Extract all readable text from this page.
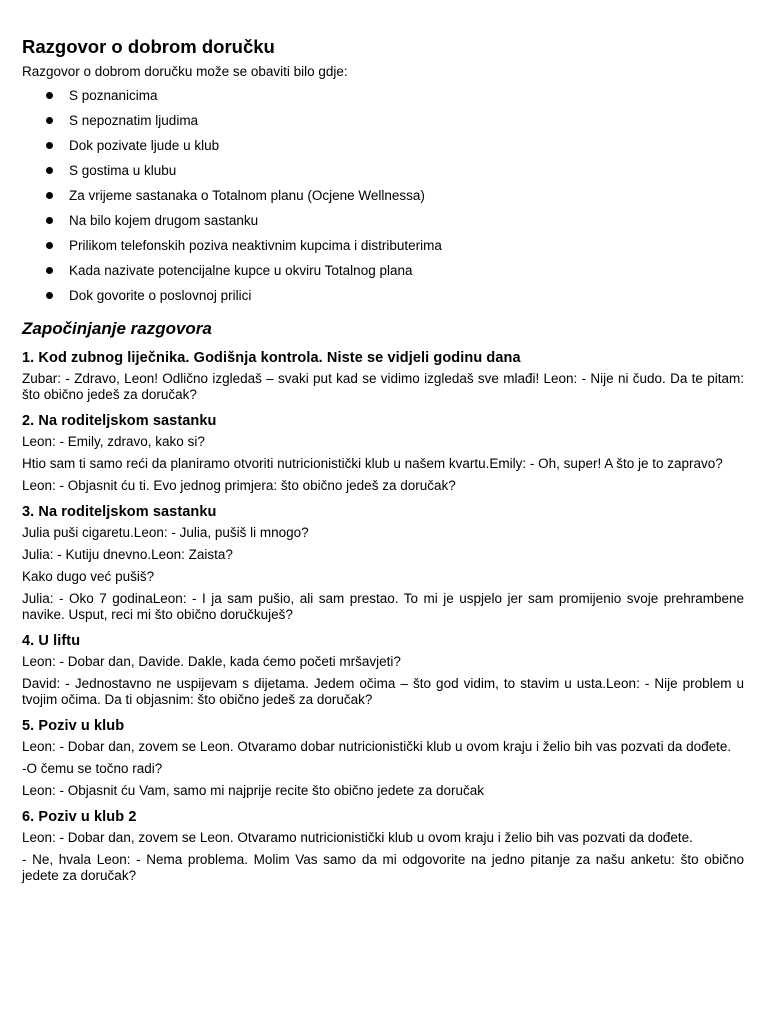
Razgovor o dobrom doručku

Razgovor o dobrom doručku može se obaviti bilo gdje:

S poznanicima
S nepoznatim ljudima
Dok pozivate ljude u klub
S gostima u klubu
Za vrijeme sastanaka o Totalnom planu (Ocjene Wellnessa)
Na bilo kojem drugom sastanku
Prilikom telefonskih poziva neaktivnim kupcima i distributerima
Kada nazivate potencijalne kupce u okviru Totalnog plana
Dok govorite o poslovnoj prilici
Započinjanje razgovora
1. Kod zubnog liječnika. Godišnja kontrola. Niste se vidjeli godinu dana

Zubar: - Zdravo, Leon! Odlično izgledaš – svaki put kad se vidimo izgledaš sve mlađi! Leon: - Nije ni čudo. Da te pitam: što obično jedeš za doručak?

2. Na roditeljskom sastanku

Leon: - Emily, zdravo, kako si?

Htio sam ti samo reći da planiramo otvoriti nutricionistički klub u našem kvartu.Emily: - Oh, super! A što je to zapravo?

Leon: - Objasnit ću ti. Evo jednog primjera: što obično jedeš za doručak?

3. Na roditeljskom sastanku

Julia puši cigaretu.Leon: - Julia, pušiš li mnogo?

Julia: - Kutiju dnevno.Leon: Zaista?

Kako dugo već pušiš?

Julia: - Oko 7 godinaLeon: - I ja sam pušio, ali sam prestao. To mi je uspjelo jer sam promijenio svoje prehrambene navike. Usput, reci mi što obično doručkuješ?

4. U liftu

Leon: - Dobar dan, Davide. Dakle, kada ćemo početi mršavjeti?

David: - Jednostavno ne uspijevam s dijetama. Jedem očima – što god vidim, to stavim u usta.Leon: - Nije problem u tvojim očima. Da ti objasnim: što obično jedeš za doručak?

5. Poziv u klub

Leon: - Dobar dan, zovem se Leon. Otvaramo dobar nutricionistički klub u ovom kraju i želio bih vas pozvati da dođete.

-O čemu se točno radi?

Leon: - Objasnit ću Vam, samo mi najprije recite što obično jedete za doručak

6. Poziv u klub 2

Leon: - Dobar dan, zovem se Leon. Otvaramo nutricionistički klub u ovom kraju i želio bih vas pozvati da dođete.

- Ne, hvala Leon: - Nema problema. Molim Vas samo da mi odgovorite na jedno pitanje za našu anketu: što obično jedete za doručak?
